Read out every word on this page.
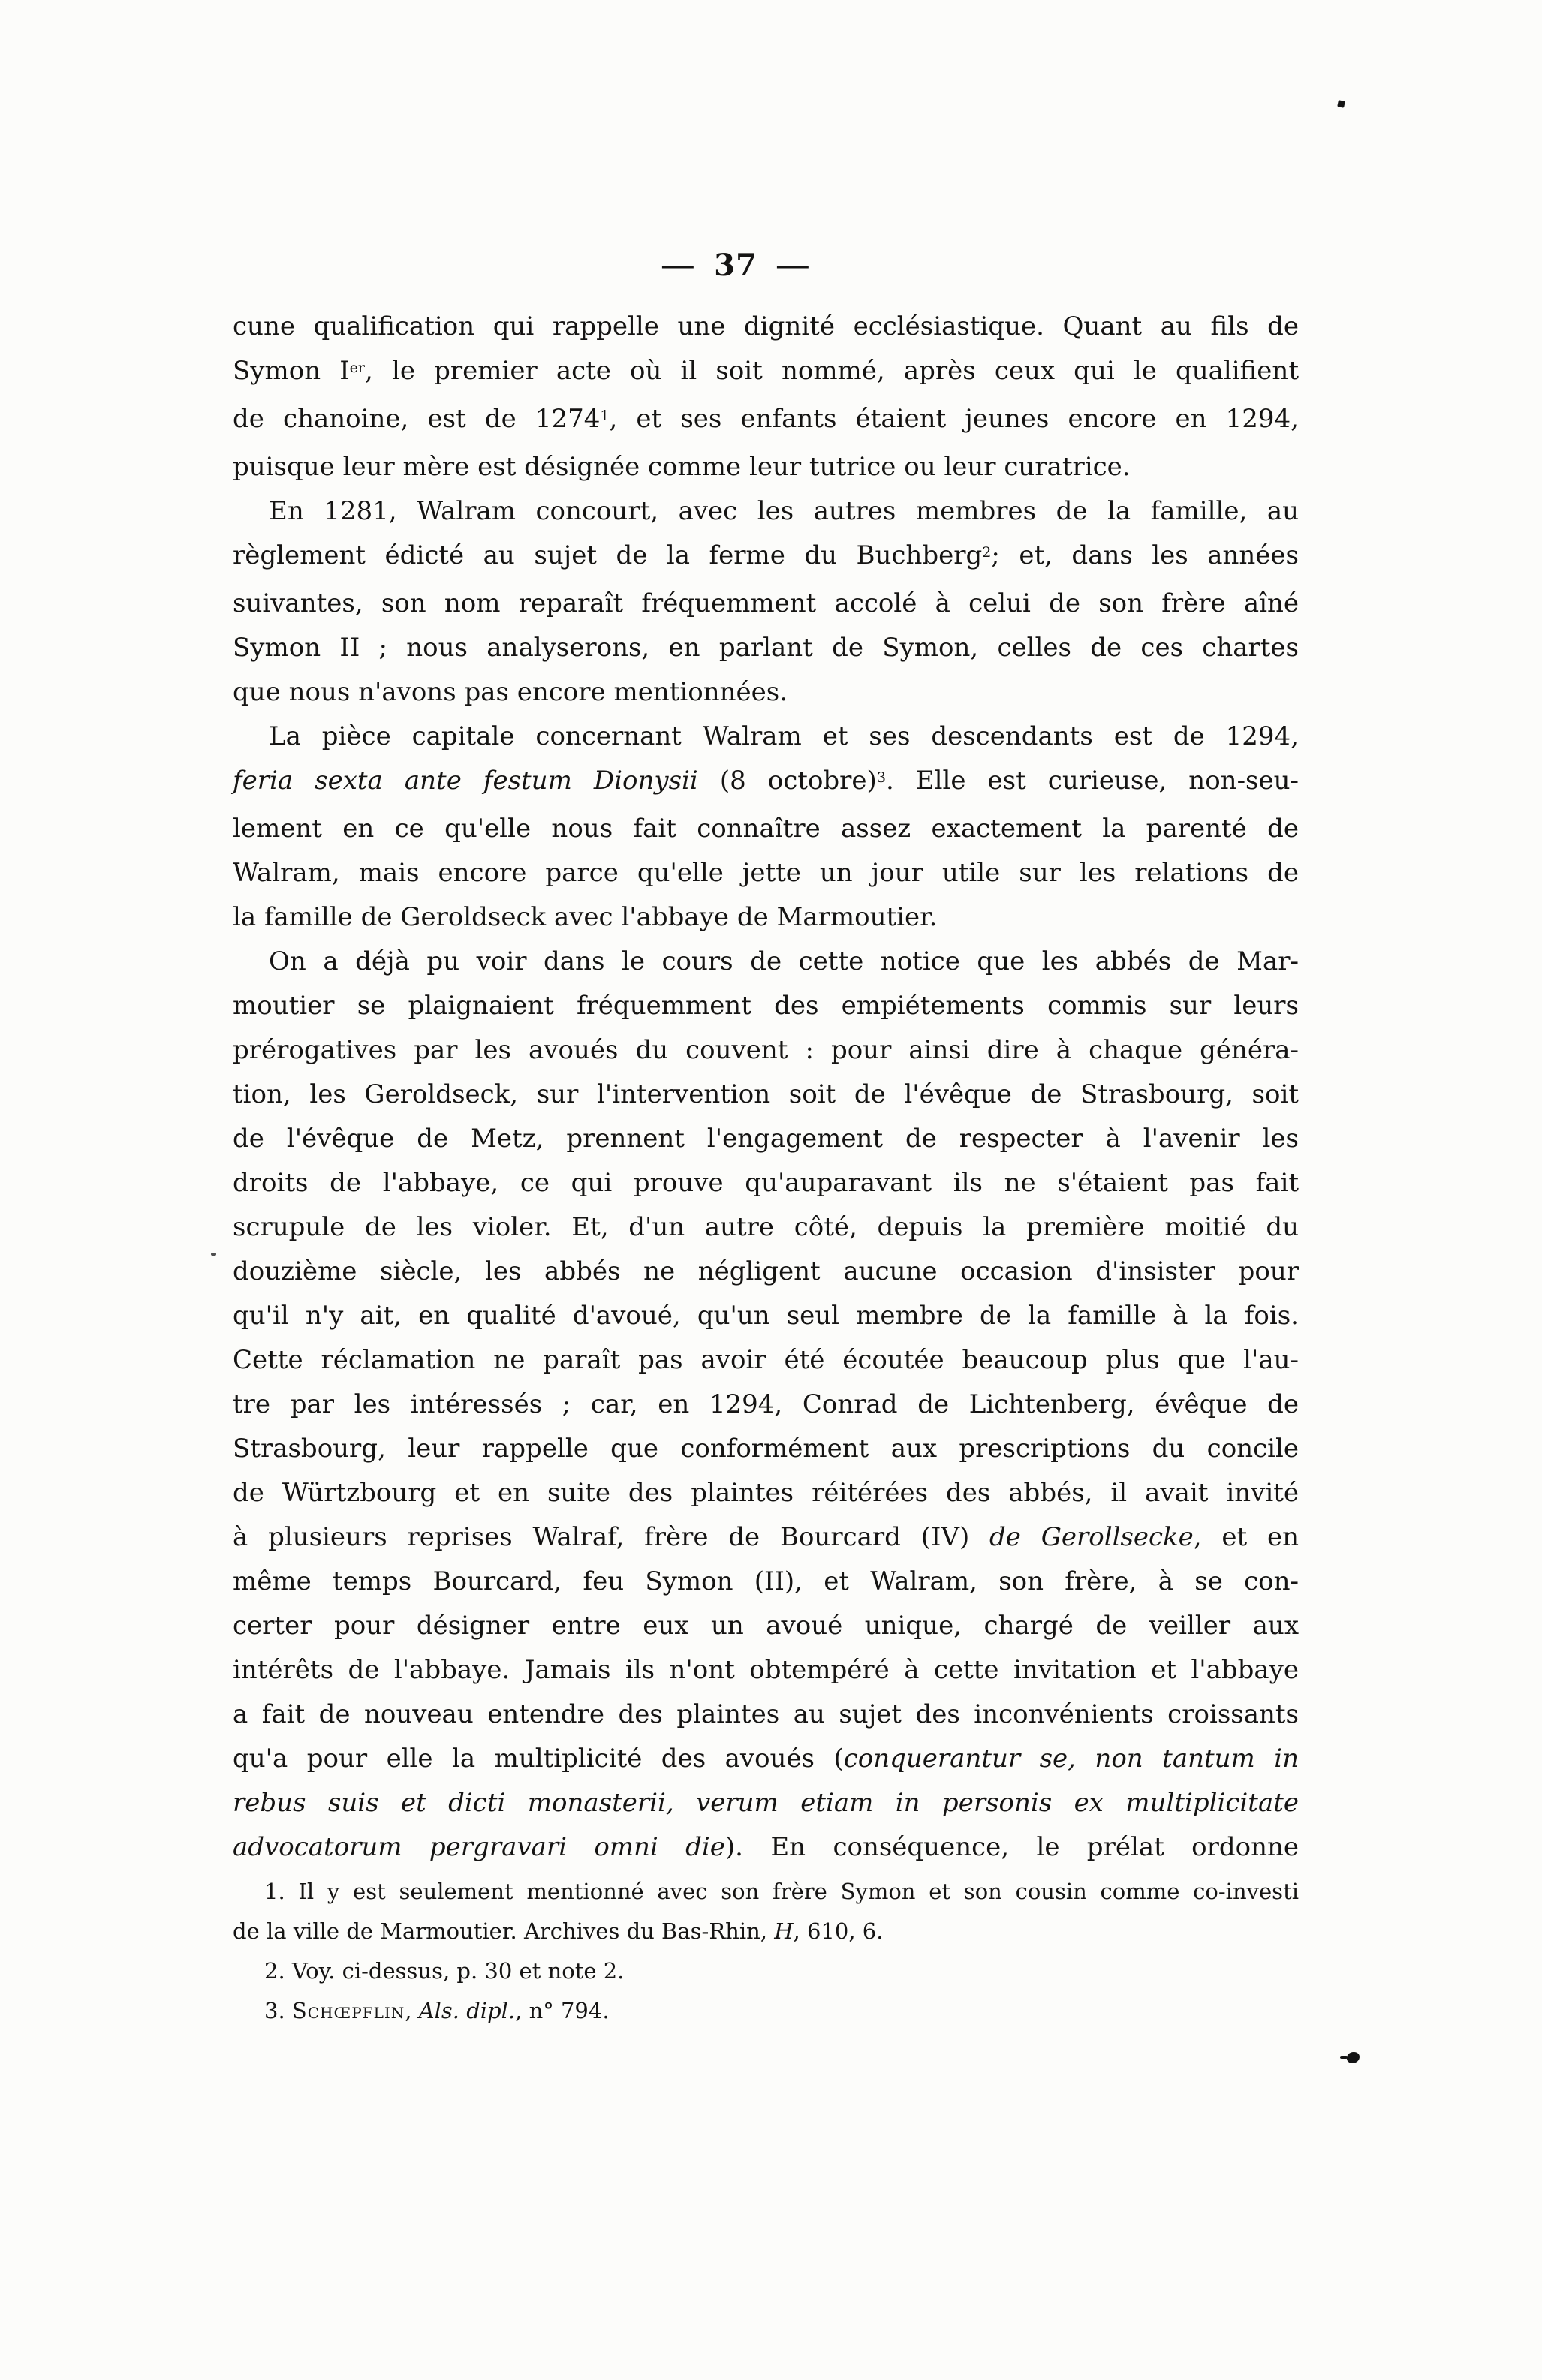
— 37 —
cune qualification qui rappelle une dignité ecclésiastique. Quant au fils de
Symon Ier, le premier acte où il soit nommé, après ceux qui le qualifient
de chanoine, est de 1274$^1$, et ses enfants étaient jeunes encore en 1294,
puisque leur mère est désignée comme leur tutrice ou leur curatrice.
En 1281, Walram concourt, avec les autres membres de la famille, au
règlement édicté au sujet de la ferme du Buchberg$^2$; et, dans les années
suivantes, son nom reparaît fréquemment accolé à celui de son frère aîné
Symon II ; nous analyserons, en parlant de Symon, celles de ces chartes
que nous n'avons pas encore mentionnées.
La pièce capitale concernant Walram et ses descendants est de 1294,
feria sexta ante festum Dionysii (8 octobre)$^3$. Elle est curieuse, non-seu-
lement en ce qu'elle nous fait connaître assez exactement la parenté de
Walram, mais encore parce qu'elle jette un jour utile sur les relations de
la famille de Geroldseck avec l'abbaye de Marmoutier.
On a déjà pu voir dans le cours de cette notice que les abbés de Mar-
moutier se plaignaient fréquemment des empiétements commis sur leurs
prérogatives par les avoués du couvent : pour ainsi dire à chaque généra-
tion, les Geroldseck, sur l'intervention soit de l'évêque de Strasbourg, soit
de l'évêque de Metz, prennent l'engagement de respecter à l'avenir les
droits de l'abbaye, ce qui prouve qu'auparavant ils ne s'étaient pas fait
scrupule de les violer. Et, d'un autre côté, depuis la première moitié du
douzième siècle, les abbés ne négligent aucune occasion d'insister pour
qu'il n'y ait, en qualité d'avoué, qu'un seul membre de la famille à la fois.
Cette réclamation ne paraît pas avoir été écoutée beaucoup plus que l'au-
tre par les intéressés ; car, en 1294, Conrad de Lichtenberg, évêque de
Strasbourg, leur rappelle que conformément aux prescriptions du concile
de Würtzbourg et en suite des plaintes réitérées des abbés, il avait invité
à plusieurs reprises Walraf, frère de Bourcard (IV) de Gerollsecke, et en
même temps Bourcard, feu Symon (II), et Walram, son frère, à se con-
certer pour désigner entre eux un avoué unique, chargé de veiller aux
intérêts de l'abbaye. Jamais ils n'ont obtempéré à cette invitation et l'abbaye
a fait de nouveau entendre des plaintes au sujet des inconvénients croissants
qu'a pour elle la multiplicité des avoués (conquerantur se, non tantum in
rebus suis et dicti monasterii, verum etiam in personis ex multiplicitate
advocatorum pergravari omni die). En conséquence, le prélat ordonne
1. Il y est seulement mentionné avec son frère Symon et son cousin comme co-investi
de la ville de Marmoutier. Archives du Bas-Rhin, H, 610, 6.
2. Voy. ci-dessus, p. 30 et note 2.
3. Schœpflin, Als. dipl., n° 794.
